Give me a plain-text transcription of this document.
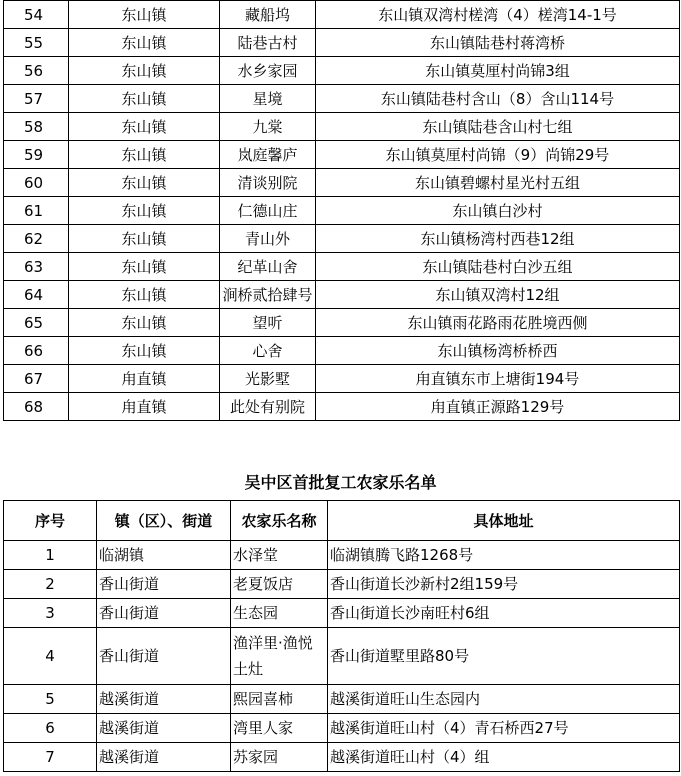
54	东山镇	藏船坞	东山镇双湾村槎湾（4）槎湾14-1号
55	东山镇	陆巷古村	东山镇陆巷村蒋湾桥
56	东山镇	水乡家园	东山镇莫厘村尚锦3组
57	东山镇	星境	东山镇陆巷村含山（8）含山114号
58	东山镇	九棠	东山镇陆巷含山村七组
59	东山镇	岚庭馨庐	东山镇莫厘村尚锦（9）尚锦29号
60	东山镇	清谈别院	东山镇碧螺村星光村五组
61	东山镇	仁德山庄	东山镇白沙村
62	东山镇	青山外	东山镇杨湾村西巷12组
63	东山镇	纪革山舍	东山镇陆巷村白沙五组
64	东山镇	涧桥贰拾肆号	东山镇双湾村12组
65	东山镇	望听	东山镇雨花路雨花胜境西侧
66	东山镇	心舍	东山镇杨湾桥桥西
67	甪直镇	光影墅	甪直镇东市上塘街194号
68	甪直镇	此处有别院	甪直镇正源路129号
吴中区首批复工农家乐名单
序号	镇（区）、街道	农家乐名称	具体地址
1	临湖镇	水泽堂	临湖镇腾飞路1268号
2	香山街道	老夏饭店	香山街道长沙新村2组159号
3	香山街道	生态园	香山街道长沙南旺村6组
4	香山街道	渔洋里·渔悦土灶	香山街道墅里路80号
5	越溪街道	熙园喜柿	越溪街道旺山生态园内
6	越溪街道	湾里人家	越溪街道旺山村（4）青石桥西27号
7	越溪街道	苏家园	越溪街道旺山村（4）组
